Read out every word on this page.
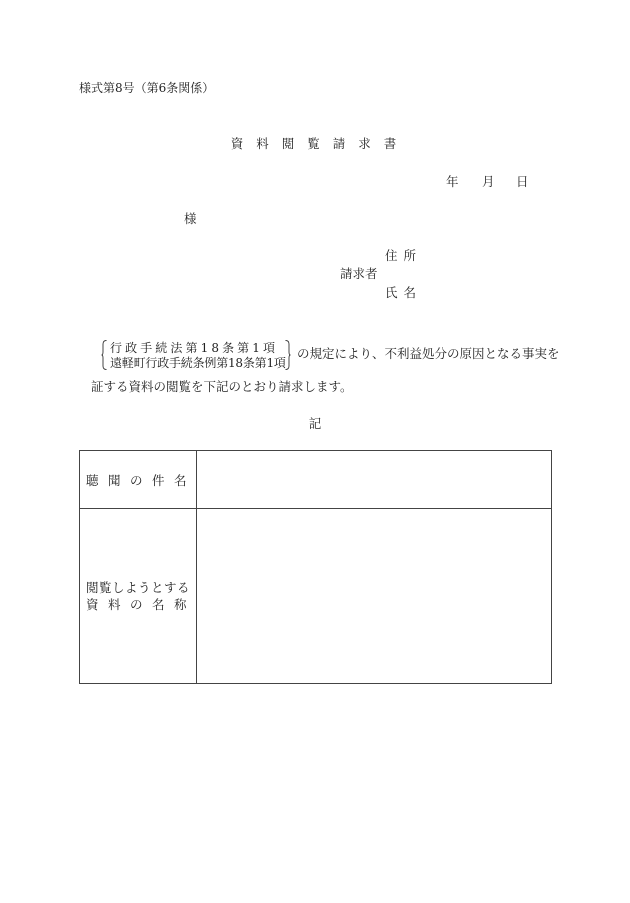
様式第8号（第6条関係）
資料閲覧請求書
年 月 日
様
住所
請求者
氏名
行政手続法第18条第1項
遠軽町行政手続条例第18条第1項
の規定により、不利益処分の原因となる事実を
証する資料の閲覧を下記のとおり請求します。
記
聴聞の件名	

閲覧しようとする
資料の名称	
